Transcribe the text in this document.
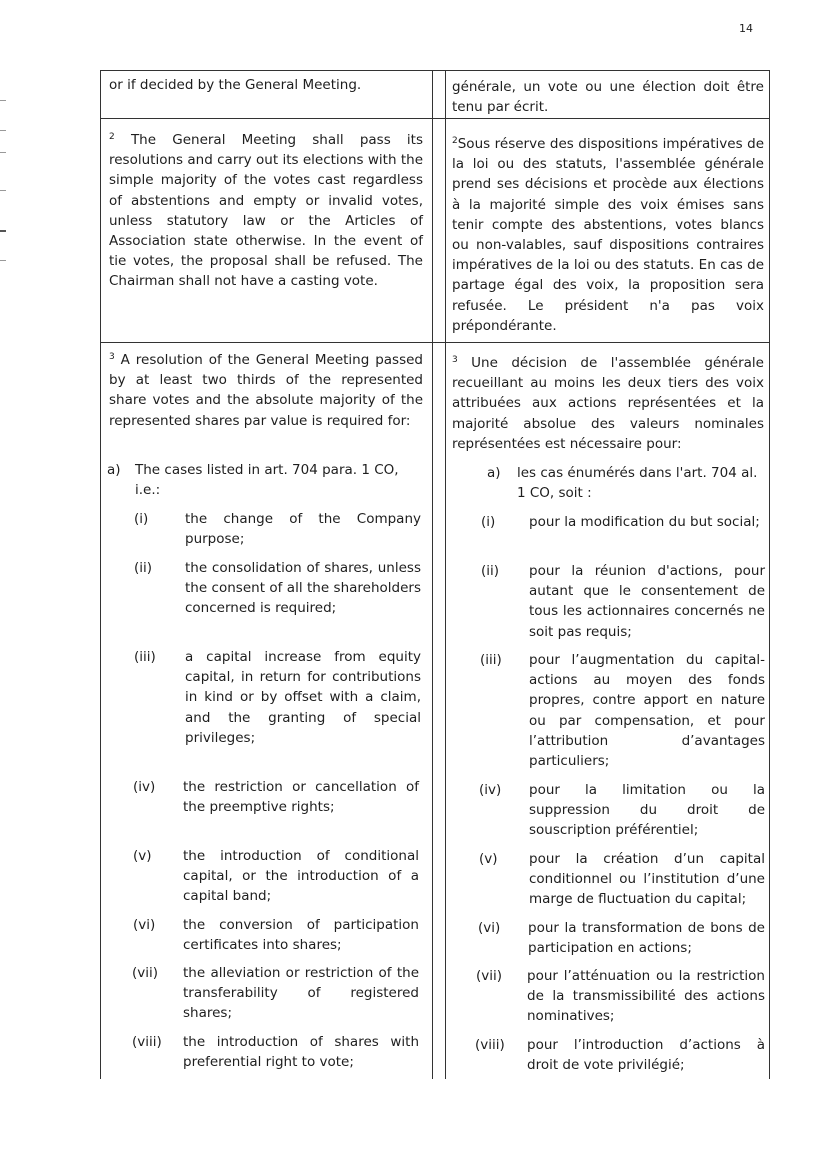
14
or if decided by the General Meeting.	générale, un vote ou une élection doit être tenu par écrit.
$^2$ The General Meeting shall pass its resolutions and carry out its elections with the simple majority of the votes cast regardless of abstentions and empty or invalid votes, unless statutory law or the Articles of Association state otherwise. In the event of tie votes, the proposal shall be refused. The Chairman shall not have a casting vote.
$^2$Sous réserve des dispositions impératives de la loi ou des statuts, l'assemblée générale prend ses décisions et procède aux élections à la majorité simple des voix émises sans tenir compte des abstentions, votes blancs ou non-valables, sauf dispositions contraires impératives de la loi ou des statuts. En cas de partage égal des voix, la proposition sera refusée. Le président n'a pas voix prépondérante.
$^3$ A resolution of the General Meeting passed by at least two thirds of the represented share votes and the absolute majority of the represented shares par value is required for:
$^3$ Une décision de l'assemblée générale recueillant au moins les deux tiers des voix attribuées aux actions représentées et la majorité absolue des valeurs nominales représentées est nécessaire pour:
a) The cases listed in art. 704 para. 1 CO, i.e.:
a) les cas énumérés dans l'art. 704 al. 1 CO, soit :
(i)	the change of the Company purpose;
(ii) the consolidation of shares, unless the consent of all the shareholders concerned is required;
(iii) a capital increase from equity capital, in return for contributions in kind or by offset with a claim, and the granting of special privileges;
(iv) the restriction or cancellation of the preemptive rights;
(v) the introduction of conditional capital, or the introduction of a capital band;
(vi) the conversion of participation certificates into shares;
(vii) the alleviation or restriction of the transferability of registered shares;
(viii) the introduction of shares with preferential right to vote;
(i) pour la modification du but social;
(ii) pour la réunion d'actions, pour autant que le consentement de tous les actionnaires concernés ne soit pas requis;
(iii) pour l’augmentation du capital-actions au moyen des fonds propres, contre apport en nature ou par compensation, et pour l’attribution d’avantages particuliers;
(iv) pour la limitation ou la suppression du droit de souscription préférentiel;
(v) pour la création d’un capital conditionnel ou l’institution d’une marge de fluctuation du capital;
(vi) pour la transformation de bons de participation en actions;
(vii) pour l’atténuation ou la restriction de la transmissibilité des actions nominatives;
(viii) pour l’introduction d’actions à droit de vote privilégié;
